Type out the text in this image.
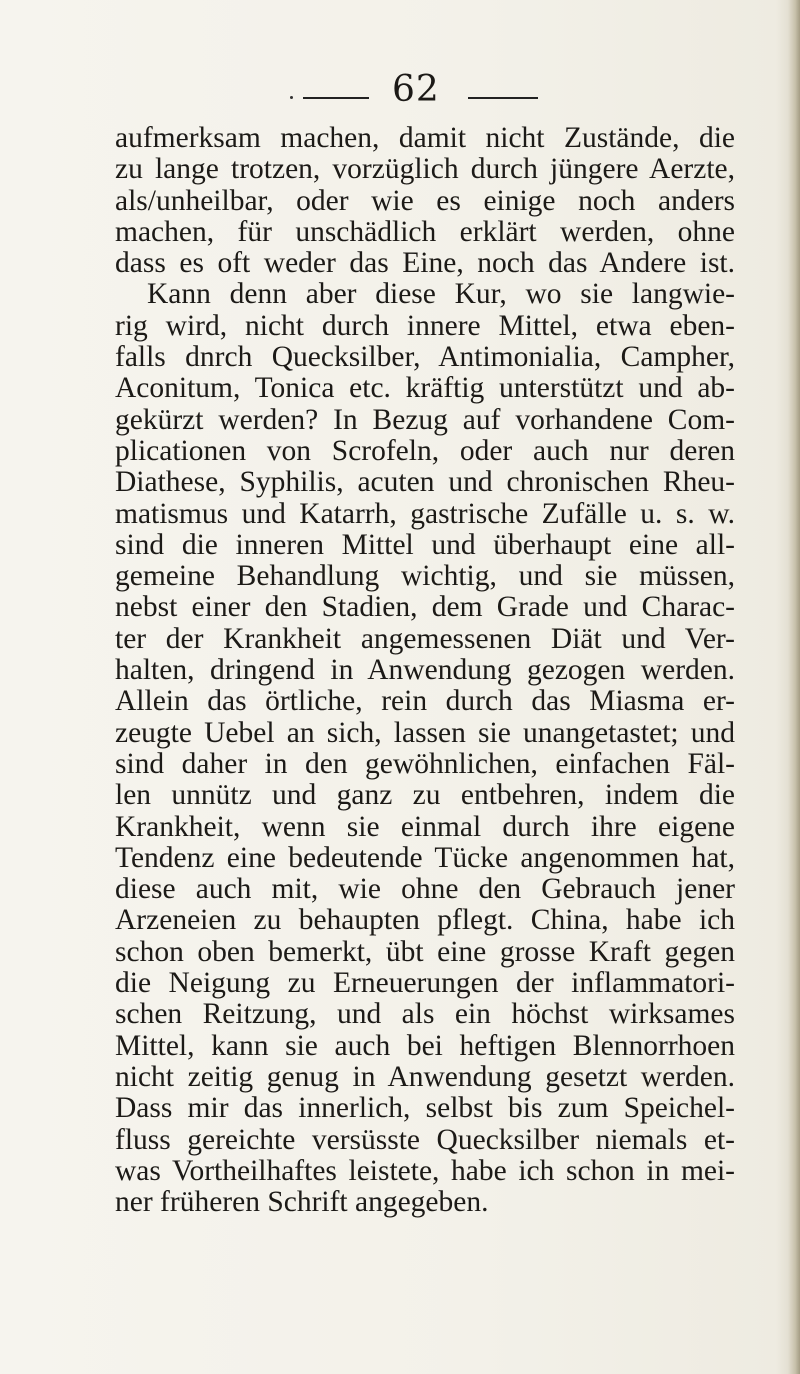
62
aufmerksam machen, damit nicht Zustände, die
zu lange trotzen, vorzüglich durch jüngere Aerzte,
als/unheilbar, oder wie es einige noch anders
machen, für unschädlich erklärt werden, ohne
dass es oft weder das Eine, noch das Andere ist.
Kann denn aber diese Kur, wo sie langwie-
rig wird, nicht durch innere Mittel, etwa eben-
falls dnrch Quecksilber, Antimonialia, Campher,
Aconitum, Tonica etc. kräftig unterstützt und ab-
gekürzt werden? In Bezug auf vorhandene Com-
plicationen von Scrofeln, oder auch nur deren
Diathese, Syphilis, acuten und chronischen Rheu-
matismus und Katarrh, gastrische Zufälle u. s. w.
sind die inneren Mittel und überhaupt eine all-
gemeine Behandlung wichtig, und sie müssen,
nebst einer den Stadien, dem Grade und Charac-
ter der Krankheit angemessenen Diät und Ver-
halten, dringend in Anwendung gezogen werden.
Allein das örtliche, rein durch das Miasma er-
zeugte Uebel an sich, lassen sie unangetastet; und
sind daher in den gewöhnlichen, einfachen Fäl-
len unnütz und ganz zu entbehren, indem die
Krankheit, wenn sie einmal durch ihre eigene
Tendenz eine bedeutende Tücke angenommen hat,
diese auch mit, wie ohne den Gebrauch jener
Arzeneien zu behaupten pflegt. China, habe ich
schon oben bemerkt, übt eine grosse Kraft gegen
die Neigung zu Erneuerungen der inflammatori-
schen Reitzung, und als ein höchst wirksames
Mittel, kann sie auch bei heftigen Blennorrhoen
nicht zeitig genug in Anwendung gesetzt werden.
Dass mir das innerlich, selbst bis zum Speichel-
fluss gereichte versüsste Quecksilber niemals et-
was Vortheilhaftes leistete, habe ich schon in mei-
ner früheren Schrift angegeben.
